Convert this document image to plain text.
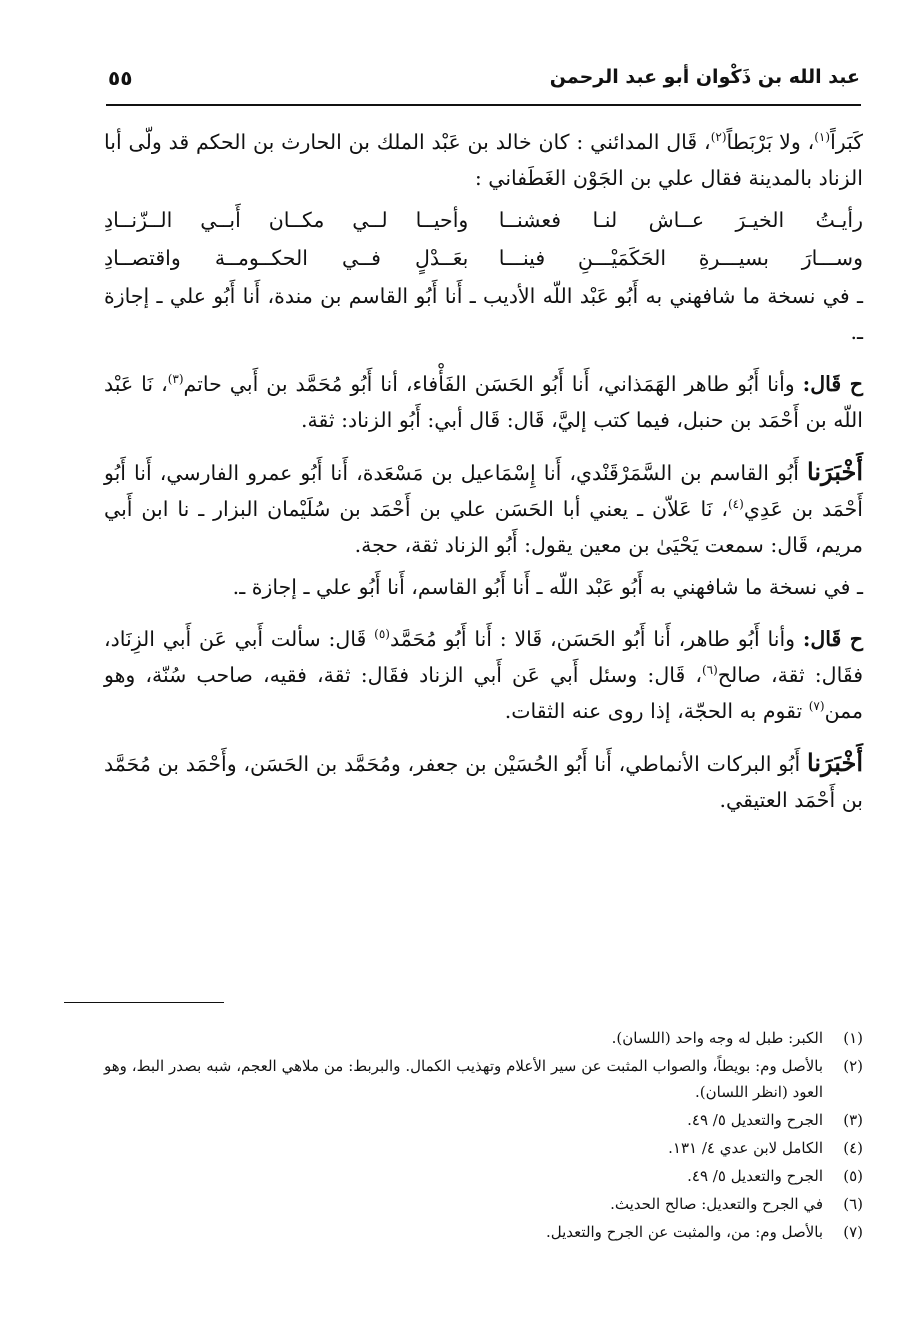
عبد الله بن ذَكْوان أبو عبد الرحمن
٥٥

كَبَراً$^{(١)}$، ولا بَرْبَطاً$^{(٢)}$، قَال المدائني : كان خالد بن عَبْد الملك بن الحارث بن الحكم قد ولّى أبا الزناد بالمدينة فقال علي بن الجَوْن الغَطَفاني :

رأيـتُ الخيـرَ عــاش لنـا فعشنــا
وأحيــا لــي مكــان أَبــي الــزّنــادِ
وســـارَ بسيـــرةِ الحَكَمَيْـــنِ فينـــا
بعَــدْلٍ فــي الحكــومــة واقتصــادِ

ـ في نسخة ما شافهني به أَبُو عَبْد اللّه الأديب ـ أَنا أَبُو القاسم بن مندة، أَنا أَبُو علي ـ إجازة ـ.

ح قَال: وأنا أَبُو طاهر الهَمَذاني، أَنا أَبُو الحَسَن الفَأْفاء، أنا أَبُو مُحَمَّد بن أَبي حاتم$^{(٣)}$، نَا عَبْد اللّه بن أَحْمَد بن حنبل، فيما كتب إليَّ، قَال: قَال أبي: أَبُو الزناد: ثقة.

أَخْبَرَنا أَبُو القاسم بن السَّمَرْقَنْدي، أَنا إِسْمَاعيل بن مَسْعَدة، أَنا أَبُو عمرو الفارسي، أَنا أَبُو أَحْمَد بن عَدِي$^{(٤)}$، نَا عَلاّن ـ يعني أبا الحَسَن علي بن أَحْمَد بن سُلَيْمان البزار ـ نا ابن أَبي مريم، قَال: سمعت يَحْيَىٰ بن معين يقول: أَبُو الزناد ثقة، حجة.

ـ في نسخة ما شافهني به أَبُو عَبْد اللّه ـ أَنا أَبُو القاسم، أَنا أَبُو علي ـ إجازة ـ.

ح قَال: وأنا أَبُو طاهر، أَنا أَبُو الحَسَن، قَالا : أَنا أَبُو مُحَمَّد$^{(٥)}$ قَال: سألت أَبي عَن أَبي الزِنَاد، فقَال: ثقة، صالح$^{(٦)}$، قَال: وسئل أَبي عَن أَبي الزناد فقَال: ثقة، فقيه، صاحب سُنّة، وهو ممن$^{(٧)}$ تقوم به الحجّة، إذا روى عنه الثقات.

أَخْبَرَنا أَبُو البركات الأنماطي، أَنا أَبُو الحُسَيْن بن جعفر، ومُحَمَّد بن الحَسَن، وأَحْمَد بن مُحَمَّد بن أَحْمَد العتيقي.

(١)
الكبر: طبل له وجه واحد (اللسان).
(٢)
بالأصل وم: بويطاً، والصواب المثبت عن سير الأعلام وتهذيب الكمال. والبربط: من ملاهي العجم، شبه بصدر البط، وهو العود (انظر اللسان).
(٣)
الجرح والتعديل ٥/ ٤٩.
(٤)
الكامل لابن عدي ٤/ ١٣١.
(٥)
الجرح والتعديل ٥/ ٤٩.
(٦)
في الجرح والتعديل: صالح الحديث.
(٧)
بالأصل وم: من، والمثبت عن الجرح والتعديل.
